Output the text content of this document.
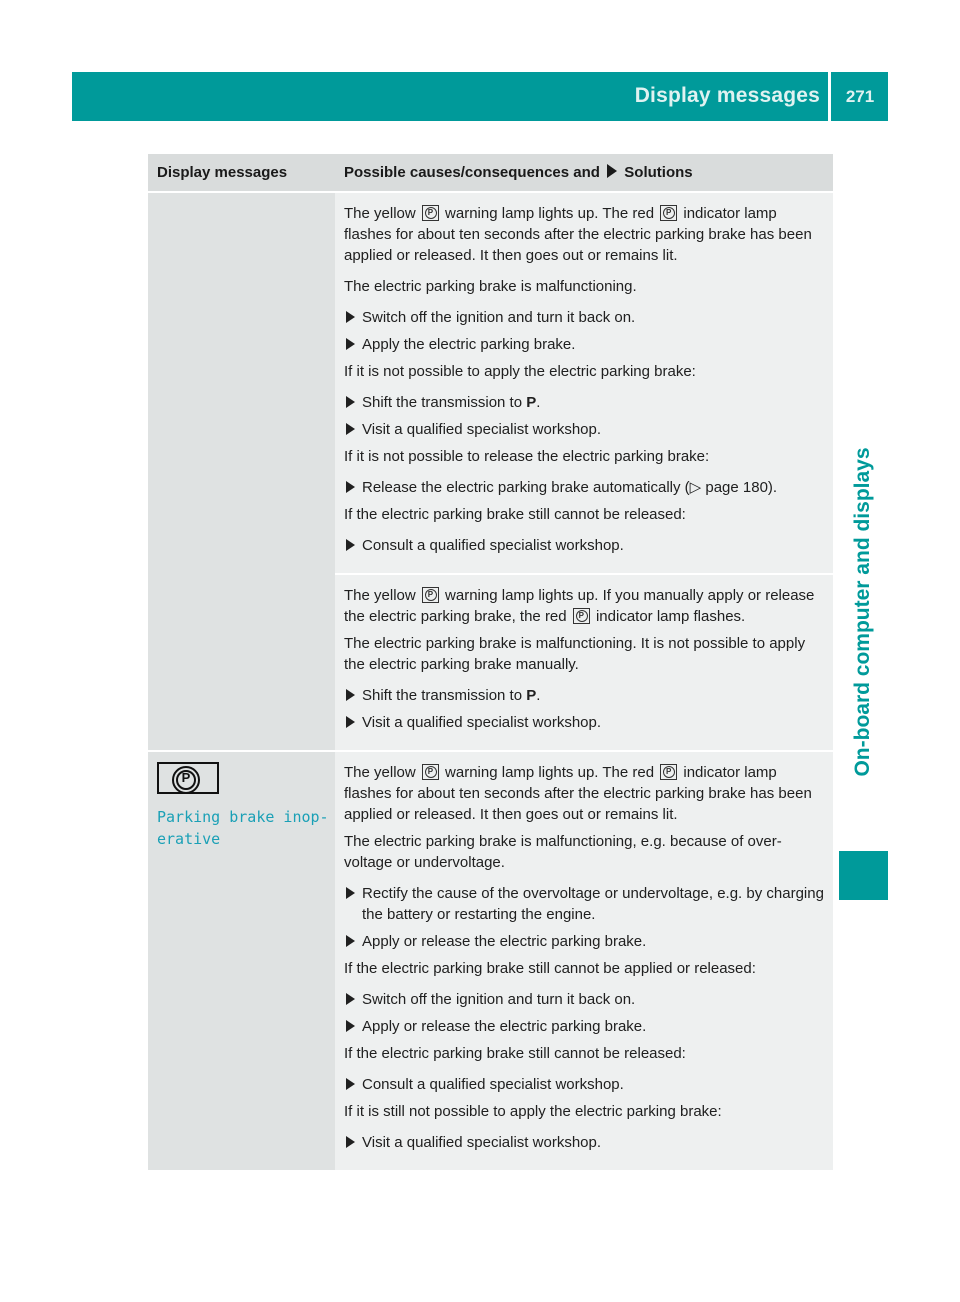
Display messages	271
On-board computer and displays
Display messages	Possible causes/consequences and Solutions
The yellow P warning lamp lights up. The red P indicator lamp flashes for about ten seconds after the electric parking brake has been applied or released. It then goes out or remains lit.
The electric parking brake is malfunctioning.
Switch off the ignition and turn it back on.
Apply the electric parking brake.
If it is not possible to apply the electric parking brake:
Shift the transmission to P.
Visit a qualified specialist workshop.
If it is not possible to release the electric parking brake:
Release the electric parking brake automatically (▷ page 180).
If the electric parking brake still cannot be released:
Consult a qualified specialist workshop.
The yellow P warning lamp lights up. If you manually apply or release the electric parking brake, the red P indicator lamp flashes.
The electric parking brake is malfunctioning. It is not possible to apply the electric parking brake manually.
Shift the transmission to P.
Visit a qualified specialist workshop.
P
Parking brake inop‐
erative
The yellow P warning lamp lights up. The red P indicator lamp flashes for about ten seconds after the electric parking brake has been applied or released. It then goes out or remains lit.
The electric parking brake is malfunctioning, e.g. because of over-voltage or undervoltage.
Rectify the cause of the overvoltage or undervoltage, e.g. by charging the battery or restarting the engine.
Apply or release the electric parking brake.
If the electric parking brake still cannot be applied or released:
Switch off the ignition and turn it back on.
Apply or release the electric parking brake.
If the electric parking brake still cannot be released:
Consult a qualified specialist workshop.
If it is still not possible to apply the electric parking brake:
Visit a qualified specialist workshop.
